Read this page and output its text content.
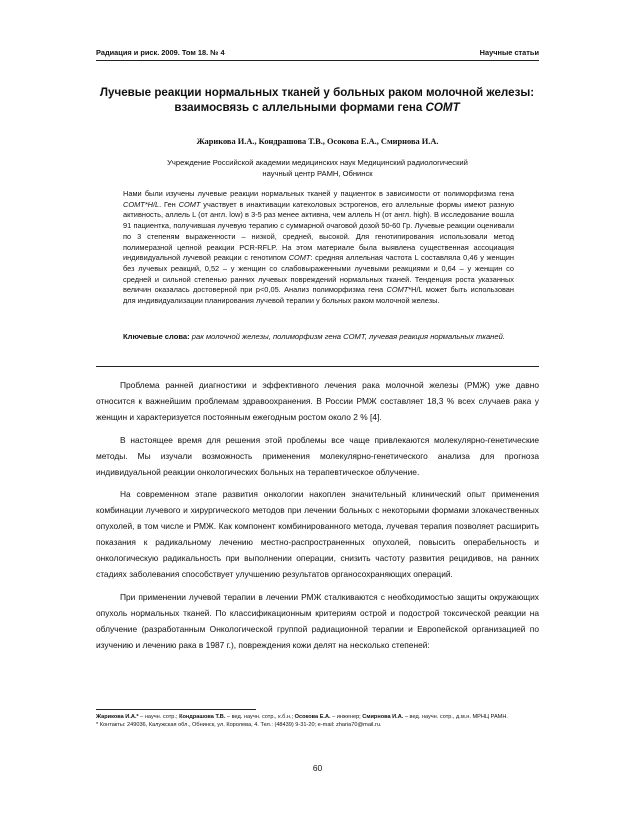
Радиация и риск. 2009. Том 18. № 4	Научные статьи
Лучевые реакции нормальных тканей у больных раком молочной железы:
взаимосвязь с аллельными формами гена COMT
Жарикова И.А., Кондрашова Т.В., Осокова Е.А., Смирнова И.А.
Учреждение Российской академии медицинских наук Медицинский радиологический
научный центр РАМН, Обнинск
Нами были изучены лучевые реакции нормальных тканей у пациенток в зависимости от полиморфизма гена COMT*H/L. Ген COMT участвует в инактивации катехоловых эстрогенов, его аллельные формы имеют разную активность, аллель L (от англ. low) в 3-5 раз менее активна, чем аллель H (от англ. high). В исследование вошла 91 пациентка, получившая лучевую терапию с суммарной очаговой дозой 50-60 Гр. Лучевые реакции оценивали по 3 степеням выраженности – низкой, средней, высокой. Для генотипирования использовали метод полимеразной цепной реакции PCR-RFLP. На этом материале была выявлена существенная ассоциация индивидуальной лучевой реакции с генотипом COMT: средняя аллельная частота L составляла 0,46 у женщин без лучевых реакций, 0,52 – у женщин со слабовыраженными лучевыми реакциями и 0,64 – у женщин со средней и сильной степенью ранних лучевых повреждений нормальных тканей. Тенденция роста указанных величин оказалась достоверной при p<0,05. Анализ полиморфизма гена COMT*H/L может быть использован для индивидуализации планирования лучевой терапии у больных раком молочной железы.
Ключевые слова: рак молочной железы, полиморфизм гена COMT, лучевая реакция нормальных тканей.

Проблема ранней диагностики и эффективного лечения рака молочной железы (РМЖ) уже давно относится к важнейшим проблемам здравоохранения. В России РМЖ составляет 18,3 % всех случаев рака у женщин и характеризуется постоянным ежегодным ростом около 2 % [4].

В настоящее время для решения этой проблемы все чаще привлекаются молекулярно-генетические методы. Мы изучали возможность применения молекулярно-генетического анализа для прогноза индивидуальной реакции онкологических больных на терапевтическое облучение.

На современном этапе развития онкологии накоплен значительный клинический опыт применения комбинации лучевого и хирургического методов при лечении больных с некоторыми формами злокачественных опухолей, в том числе и РМЖ. Как компонент комбинированного метода, лучевая терапия позволяет расширить показания к радикальному лечению местно-распространенных опухолей, повысить операбельность и онкологическую радикальность при выполнении операции, снизить частоту развития рецидивов, на ранних стадиях заболевания способствует улучшению результатов органосохраняющих операций.

При применении лучевой терапии в лечении РМЖ сталкиваются с необходимостью защиты окружающих опухоль нормальных тканей. По классификационным критериям острой и подострой токсической реакции на облучение (разработанным Онкологической группой радиационной терапии и Европейской организацией по изучению и лечению рака в 1987 г.), повреждения кожи делят на несколько степеней:

Жарикова И.А.* – научн. сотр.; Кондрашова Т.В. – вед. научн. сотр., к.б.н.; Осокова Е.А. – инженер; Смирнова И.А. – вед. научн. сотр., д.м.н. МРНЦ РАМН.
* Контакты: 249036, Калужская обл., Обнинск, ул. Королева, 4. Тел.: (48439) 9-31-20; e-mail: zharia70@mail.ru.
60
